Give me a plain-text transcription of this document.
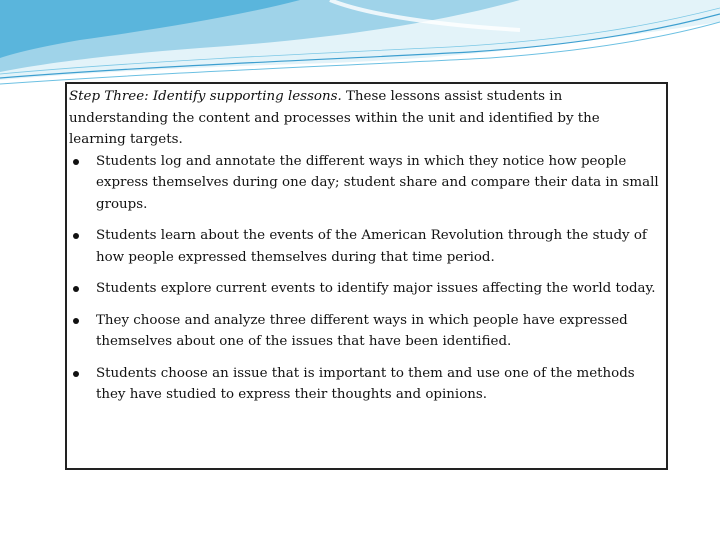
Step Three: Identify supporting lessons. These lessons assist students in understanding the content and processes within the unit and identified by the learning targets.

Students log and annotate the different ways in which they notice how people express themselves during one day; student share and compare their data in small groups.
Students learn about the events of the American Revolution through the study of how people expressed themselves during that time period.
Students explore current events to identify major issues affecting the world today.
They choose and analyze three different ways in which people have expressed themselves about one of the issues that have been identified.
Students choose an issue that is important to them and use one of the methods they have studied to express their thoughts and opinions.
